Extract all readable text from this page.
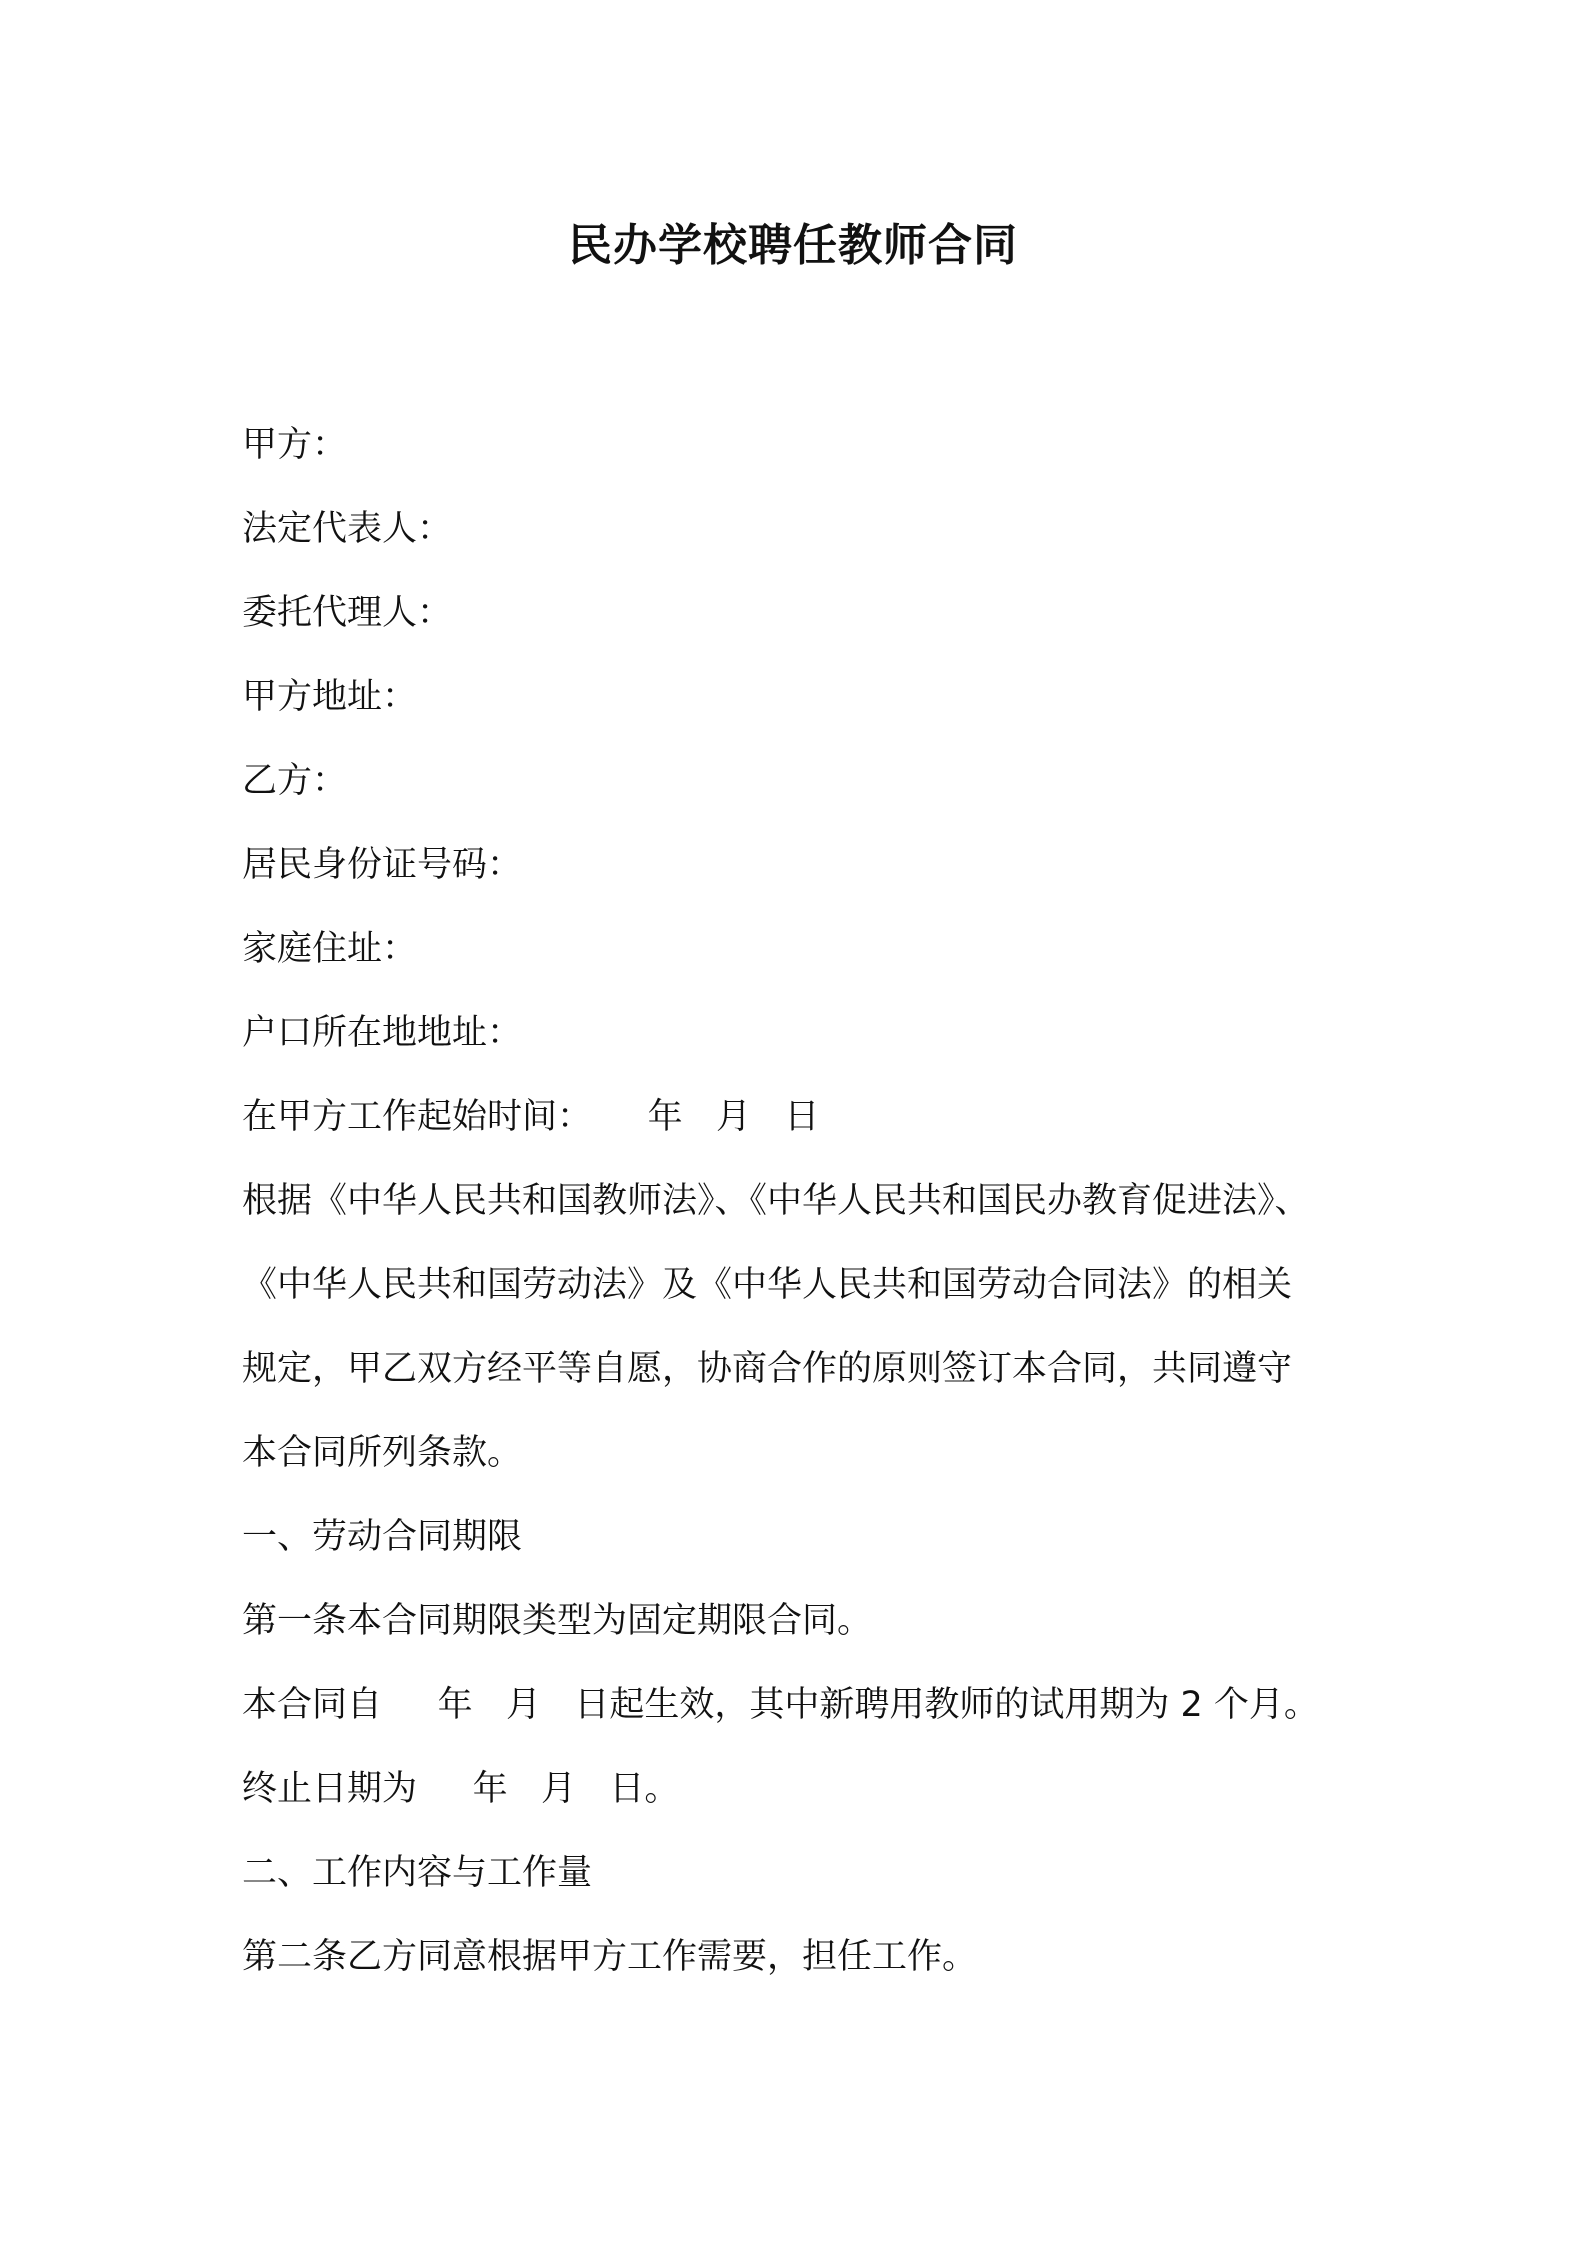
民办学校聘任教师合同
甲方：
法定代表人：
委托代理人：
甲方地址：
乙方：
居民身份证号码：
家庭住址：
户口所在地地址：
在甲方工作起始时间：     年   月   日
根据《中华人民共和国教师法》、《中华人民共和国民办教育促进法》、
《中华人民共和国劳动法》及《中华人民共和国劳动合同法》的相关
规定，甲乙双方经平等自愿，协商合作的原则签订本合同，共同遵守
本合同所列条款。
一、劳动合同期限
第一条本合同期限类型为固定期限合同。
本合同自     年   月   日起生效，其中新聘用教师的试用期为 2 个月。
终止日期为     年   月   日。
二、工作内容与工作量
第二条乙方同意根据甲方工作需要，担任工作。
